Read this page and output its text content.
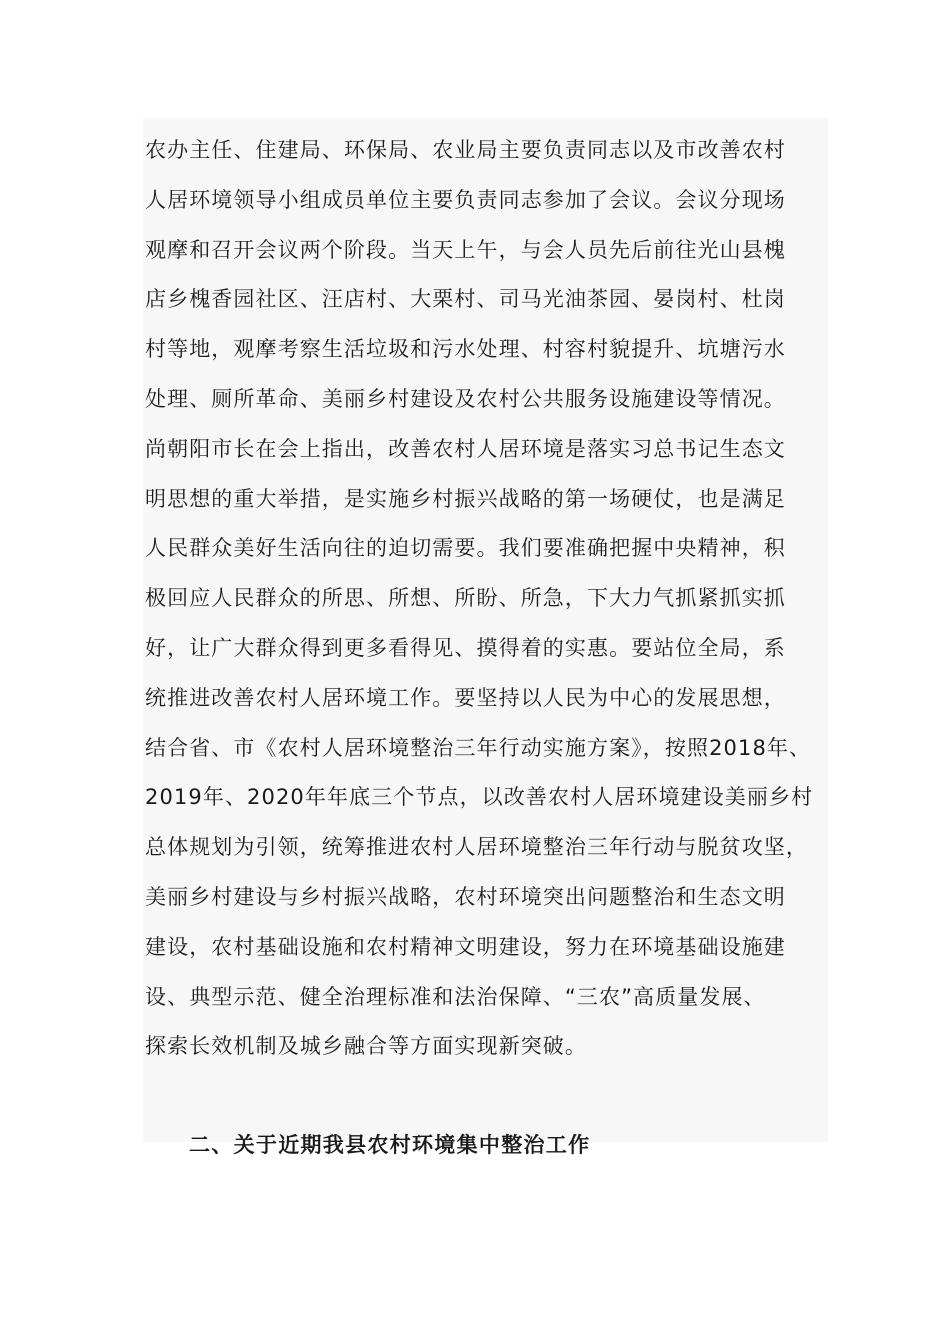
农办主任、住建局、环保局、农业局主要负责同志以及市改善农村
人居环境领导小组成员单位主要负责同志参加了会议。会议分现场
观摩和召开会议两个阶段。当天上午，与会人员先后前往光山县槐
店乡槐香园社区、汪店村、大栗村、司马光油茶园、晏岗村、杜岗
村等地，观摩考察生活垃圾和污水处理、村容村貌提升、坑塘污水
处理、厕所革命、美丽乡村建设及农村公共服务设施建设等情况。
尚朝阳市长在会上指出，改善农村人居环境是落实习总书记生态文
明思想的重大举措，是实施乡村振兴战略的第一场硬仗，也是满足
人民群众美好生活向往的迫切需要。我们要准确把握中央精神，积
极回应人民群众的所思、所想、所盼、所急，下大力气抓紧抓实抓
好，让广大群众得到更多看得见、摸得着的实惠。要站位全局，系
统推进改善农村人居环境工作。要坚持以人民为中心的发展思想，
结合省、市《农村人居环境整治三年行动实施方案》，按照2018年、
2019年、2020年年底三个节点，以改善农村人居环境建设美丽乡村
总体规划为引领，统筹推进农村人居环境整治三年行动与脱贫攻坚，
美丽乡村建设与乡村振兴战略，农村环境突出问题整治和生态文明
建设，农村基础设施和农村精神文明建设，努力在环境基础设施建
设、典型示范、健全治理标准和法治保障、“三农”高质量发展、
探索长效机制及城乡融合等方面实现新突破。
二、关于近期我县农村环境集中整治工作
